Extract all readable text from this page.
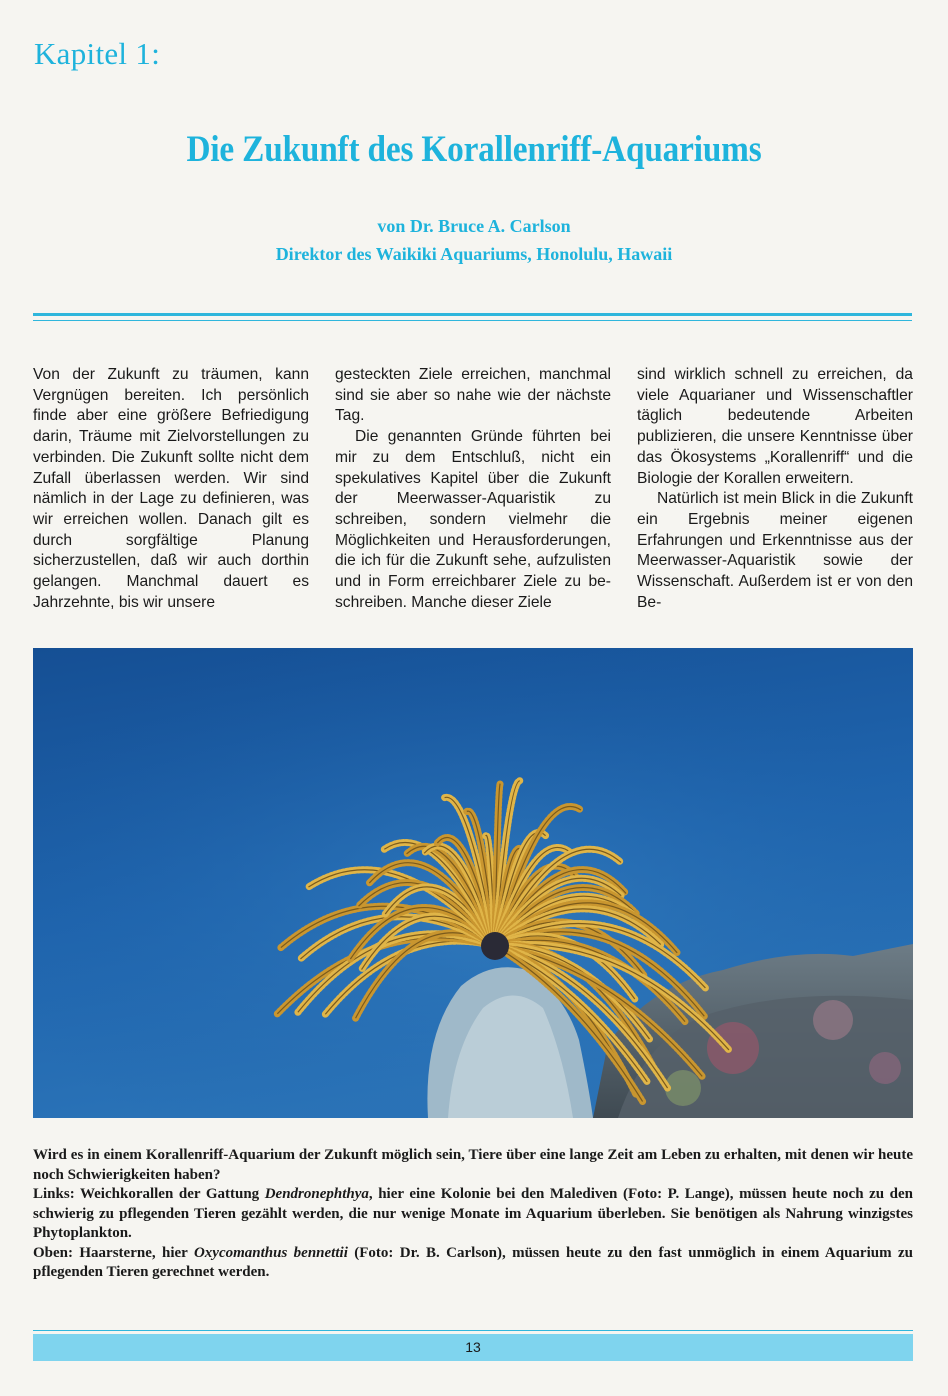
Kapitel 1:
Die Zukunft des Korallenriff-Aquariums
von Dr. Bruce A. Carlson
Direktor des Waikiki Aquariums, Honolulu, Hawaii

Von der Zukunft zu träumen, kann Vergnügen bereiten. Ich persönlich finde aber eine größere Befriedigung darin, Träume mit Zielvorstellungen zu verbinden. Die Zukunft sollte nicht dem Zufall überlassen werden. Wir sind nämlich in der Lage zu definieren, was wir erreichen wollen. Danach gilt es durch sorgfältige Planung sicherzustellen, daß wir auch dorthin gelangen. Manchmal dauert es Jahrzehnte, bis wir unsere

gesteckten Ziele erreichen, manchmal sind sie aber so nahe wie der nächste Tag.

Die genannten Gründe führten bei mir zu dem Entschluß, nicht ein spekulatives Kapitel über die Zukunft der Meerwasser-Aquaristik zu schreiben, sondern vielmehr die Möglichkeiten und Herausforderungen, die ich für die Zukunft sehe, aufzulisten und in Form erreichbarer Ziele zu beschreiben. Manche dieser Ziele

sind wirklich schnell zu erreichen, da viele Aquarianer und Wissenschaftler täglich bedeutende Arbeiten publizieren, die unsere Kenntnisse über das Ökosystems „Korallenriff“ und die Biologie der Korallen erweitern.

Natürlich ist mein Blick in die Zukunft ein Ergebnis meiner eigenen Erfahrungen und Erkenntnisse aus der Meerwasser-Aquaristik sowie der Wissenschaft. Außerdem ist er von den Be-

Wird es in einem Korallenriff-Aquarium der Zukunft möglich sein, Tiere über eine lange Zeit am Leben zu erhalten, mit denen wir heute noch Schwierigkeiten haben?

Links: Weichkorallen der Gattung Dendronephthya, hier eine Kolonie bei den Malediven (Foto: P. Lange), müssen heute noch zu den schwierig zu pflegenden Tieren gezählt werden, die nur wenige Monate im Aquarium überleben. Sie benötigen als Nahrung winzigstes Phytoplankton.

Oben: Haarsterne, hier Oxycomanthus bennettii (Foto: Dr. B. Carlson), müssen heute zu den fast unmöglich in einem Aquarium zu pflegenden Tieren gerechnet werden.

13
